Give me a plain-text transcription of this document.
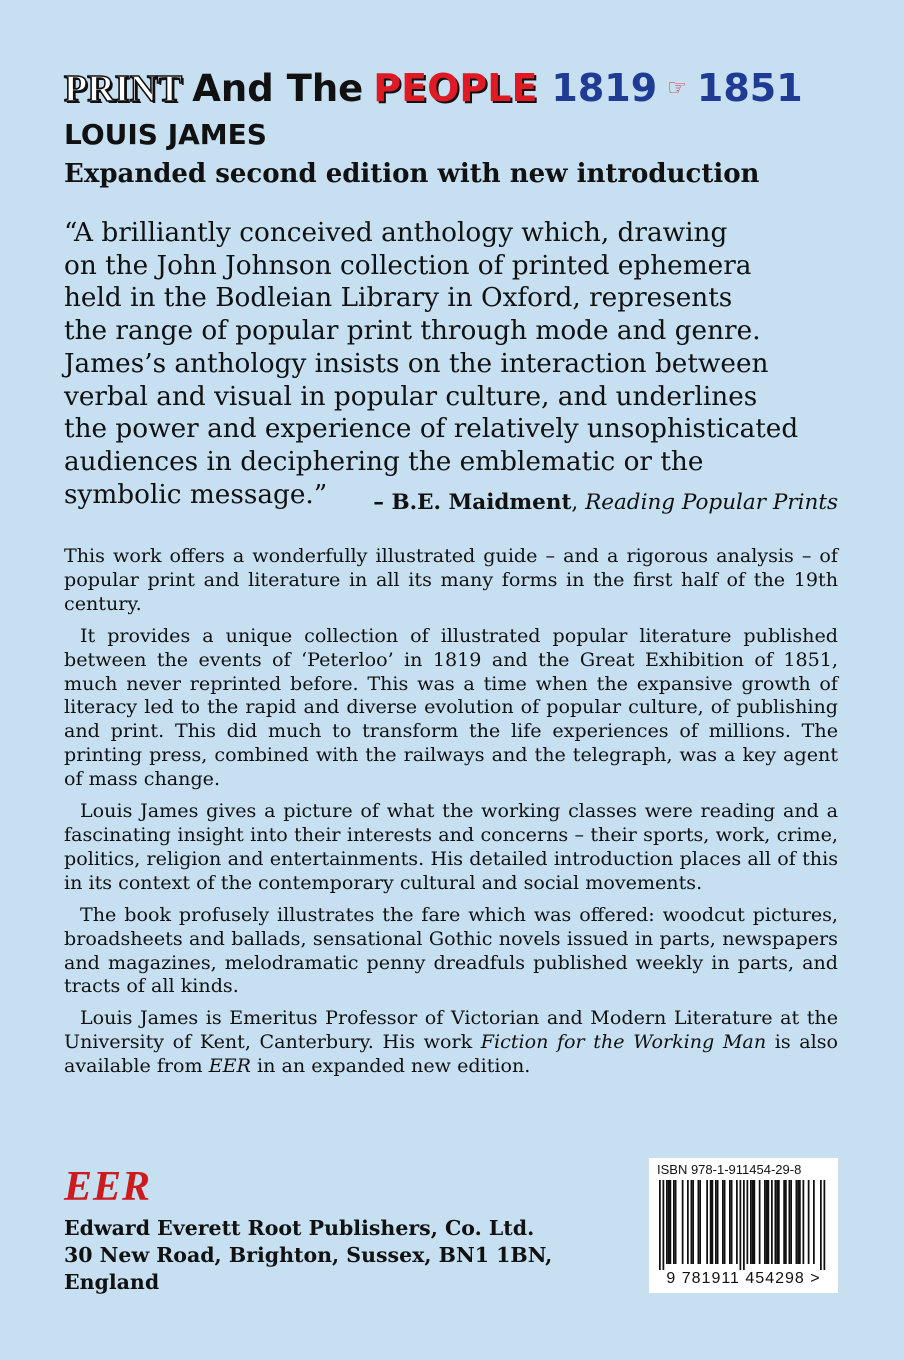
PRINT And The PEOPLE 1819 ☞ 1851
LOUIS JAMES
Expanded second edition with new introduction
“A brilliantly conceived anthology which, drawing
on the John Johnson collection of printed ephemera
held in the Bodleian Library in Oxford, represents
the range of popular print through mode and genre.
James’s anthology insists on the interaction between
verbal and visual in popular culture, and underlines
the power and experience of relatively unsophisticated
audiences in deciphering the emblematic or the
symbolic message.”	– B.E. Maidment, Reading Popular Prints

This work offers a wonderfully illustrated guide – and a rigorous analysis – of popular print and literature in all its many forms in the first half of the 19th century.

It provides a unique collection of illustrated popular literature published between the events of ‘Peterloo’ in 1819 and the Great Exhibition of 1851, much never reprinted before. This was a time when the expansive growth of literacy led to the rapid and diverse evolution of popular culture, of publishing and print. This did much to transform the life experiences of millions. The printing press, combined with the railways and the telegraph, was a key agent of mass change.

Louis James gives a picture of what the working classes were reading and a fascinating insight into their interests and concerns – their sports, work, crime, politics, religion and entertainments. His detailed introduction places all of this in its context of the contemporary cultural and social movements.

The book profusely illustrates the fare which was offered: woodcut pictures, broadsheets and ballads, sensational Gothic novels issued in parts, newspapers and magazines, melodramatic penny dreadfuls published weekly in parts, and tracts of all kinds.

Louis James is Emeritus Professor of Victorian and Modern Literature at the University of Kent, Canterbury. His work Fiction for the Working Man is also available from EER in an expanded new edition.

EER
Edward Everett Root Publishers, Co. Ltd.
30 New Road, Brighton, Sussex, BN1 1BN,
England
ISBN 978-1-911454-29-8
9 781911 454298 >
